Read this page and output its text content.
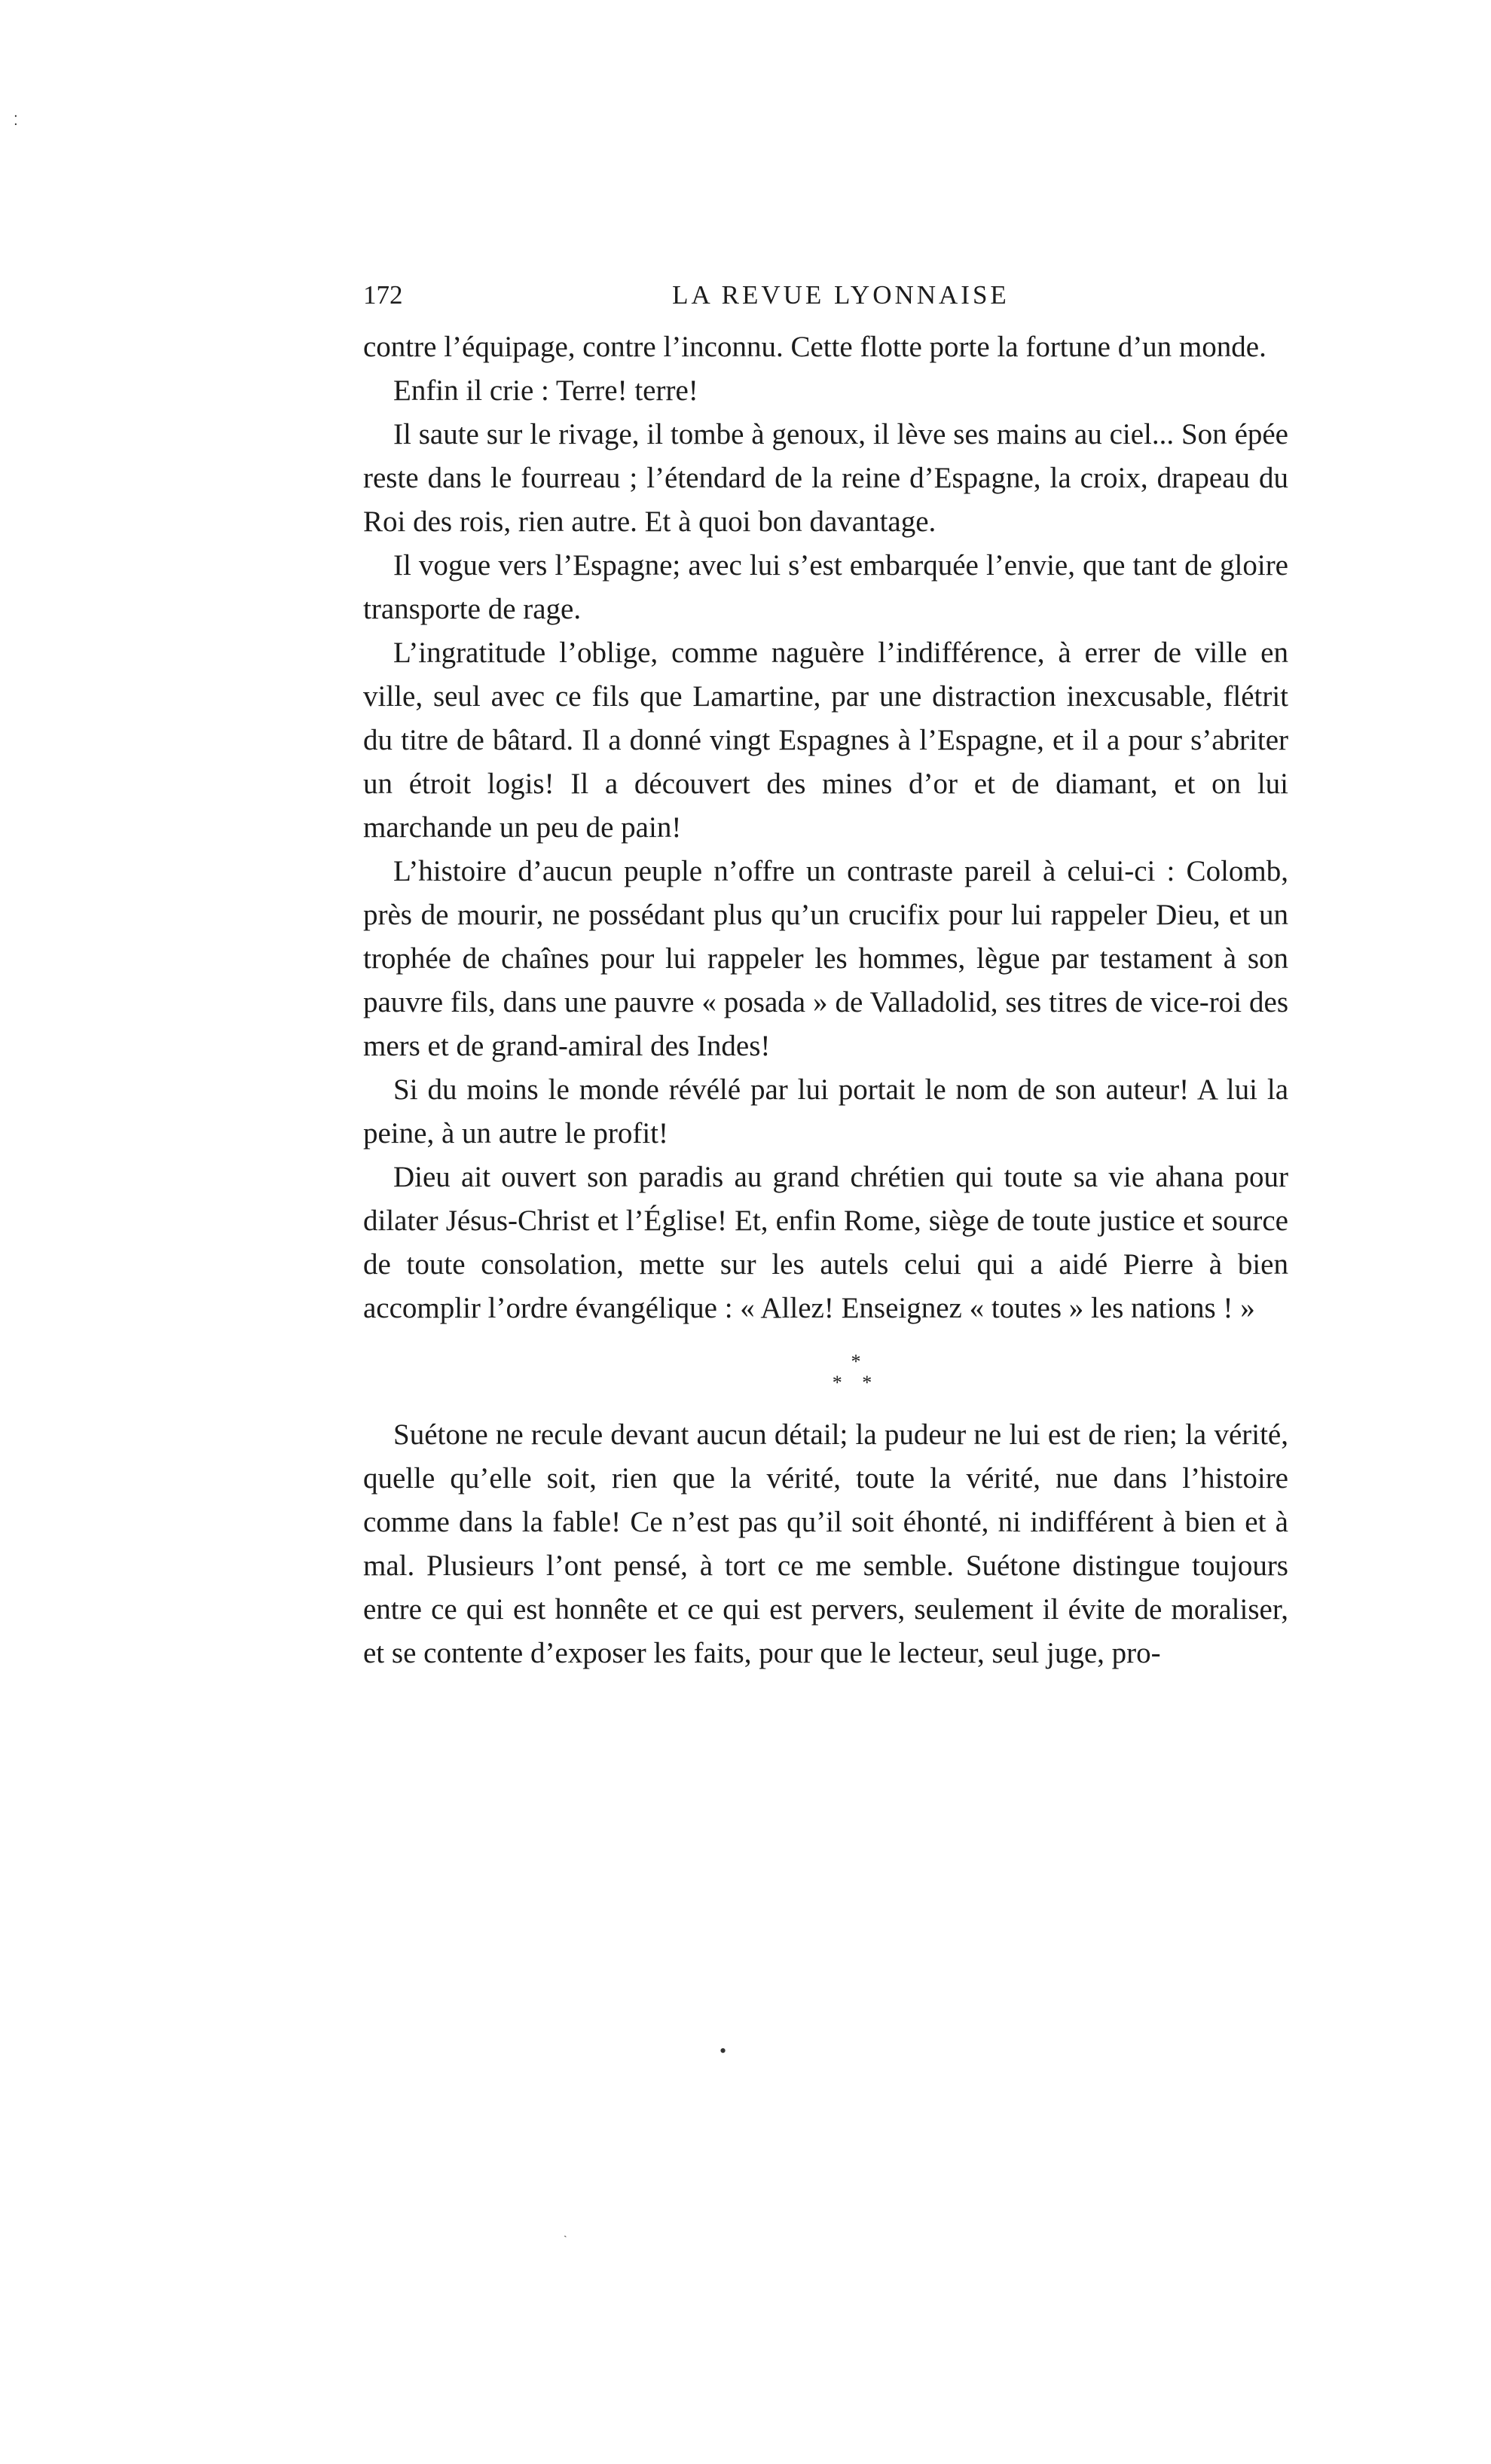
⁚
•
ˎ
172	LA REVUE LYONNAISE

contre l’équipage, contre l’inconnu. Cette flotte porte la fortune d’un monde.

Enfin il crie : Terre! terre!

Il saute sur le rivage, il tombe à genoux, il lève ses mains au ciel... Son épée reste dans le fourreau ; l’étendard de la reine d’Espagne, la croix, drapeau du Roi des rois, rien autre. Et à quoi bon davantage.

Il vogue vers l’Espagne; avec lui s’est embarquée l’envie, que tant de gloire transporte de rage.

L’ingratitude l’oblige, comme naguère l’indifférence, à errer de ville en ville, seul avec ce fils que Lamartine, par une distraction inexcusable, flétrit du titre de bâtard. Il a donné vingt Espagnes à l’Espagne, et il a pour s’abriter un étroit logis! Il a découvert des mines d’or et de diamant, et on lui marchande un peu de pain!

L’histoire d’aucun peuple n’offre un contraste pareil à celui-ci : Colomb, près de mourir, ne possédant plus qu’un crucifix pour lui rappeler Dieu, et un trophée de chaînes pour lui rappeler les hommes, lègue par testament à son pauvre fils, dans une pauvre « posada » de Valladolid, ses titres de vice-roi des mers et de grand-amiral des Indes!

Si du moins le monde révélé par lui portait le nom de son auteur! A lui la peine, à un autre le profit!

Dieu ait ouvert son paradis au grand chrétien qui toute sa vie ahana pour dilater Jésus-Christ et l’Église! Et, enfin Rome, siège de toute justice et source de toute consolation, mette sur les autels celui qui a aidé Pierre à bien accomplir l’ordre évangélique : « Allez! Enseignez « toutes » les nations ! »

*
* *

Suétone ne recule devant aucun détail; la pudeur ne lui est de rien; la vérité, quelle qu’elle soit, rien que la vérité, toute la vérité, nue dans l’histoire comme dans la fable! Ce n’est pas qu’il soit éhonté, ni indifférent à bien et à mal. Plusieurs l’ont pensé, à tort ce me semble. Suétone distingue toujours entre ce qui est honnête et ce qui est pervers, seulement il évite de moraliser, et se contente d’exposer les faits, pour que le lecteur, seul juge, pro-
